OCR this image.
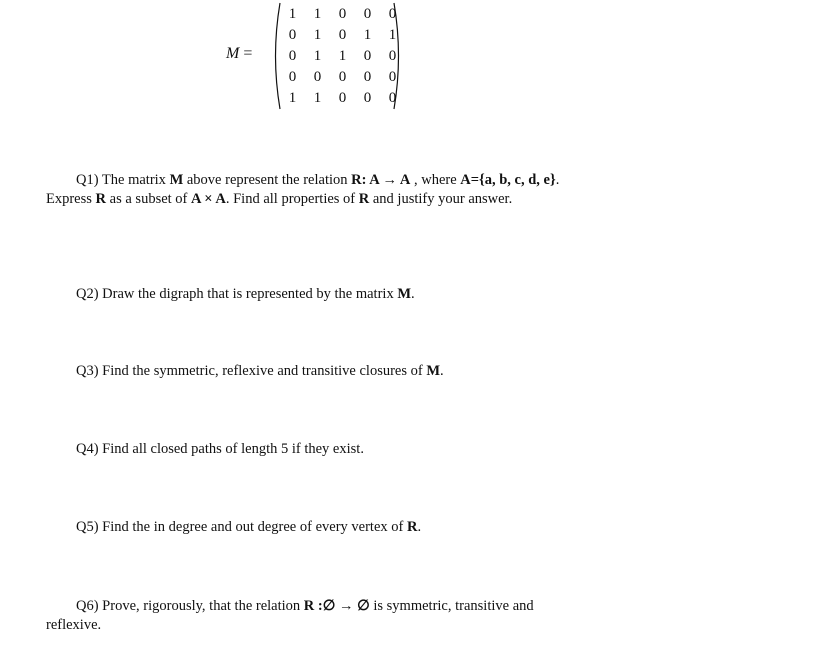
M =
1	1	0	0	0
0	1	0	1	1
0	1	1	0	0
0	0	0	0	0
1	1	0	0	0

Q1) The matrix M above represent the relation R: A → A , where A={a, b, c, d, e}. Express R as a subset of A × A. Find all properties of R and justify your answer.

Q2) Draw the digraph that is represented by the matrix M.

Q3) Find the symmetric, reflexive and transitive closures of M.

Q4) Find all closed paths of length 5 if they exist.

Q5) Find the in degree and out degree of every vertex of R.

Q6) Prove, rigorously, that the relation R :∅ → ∅ is symmetric, transitive and reflexive.
